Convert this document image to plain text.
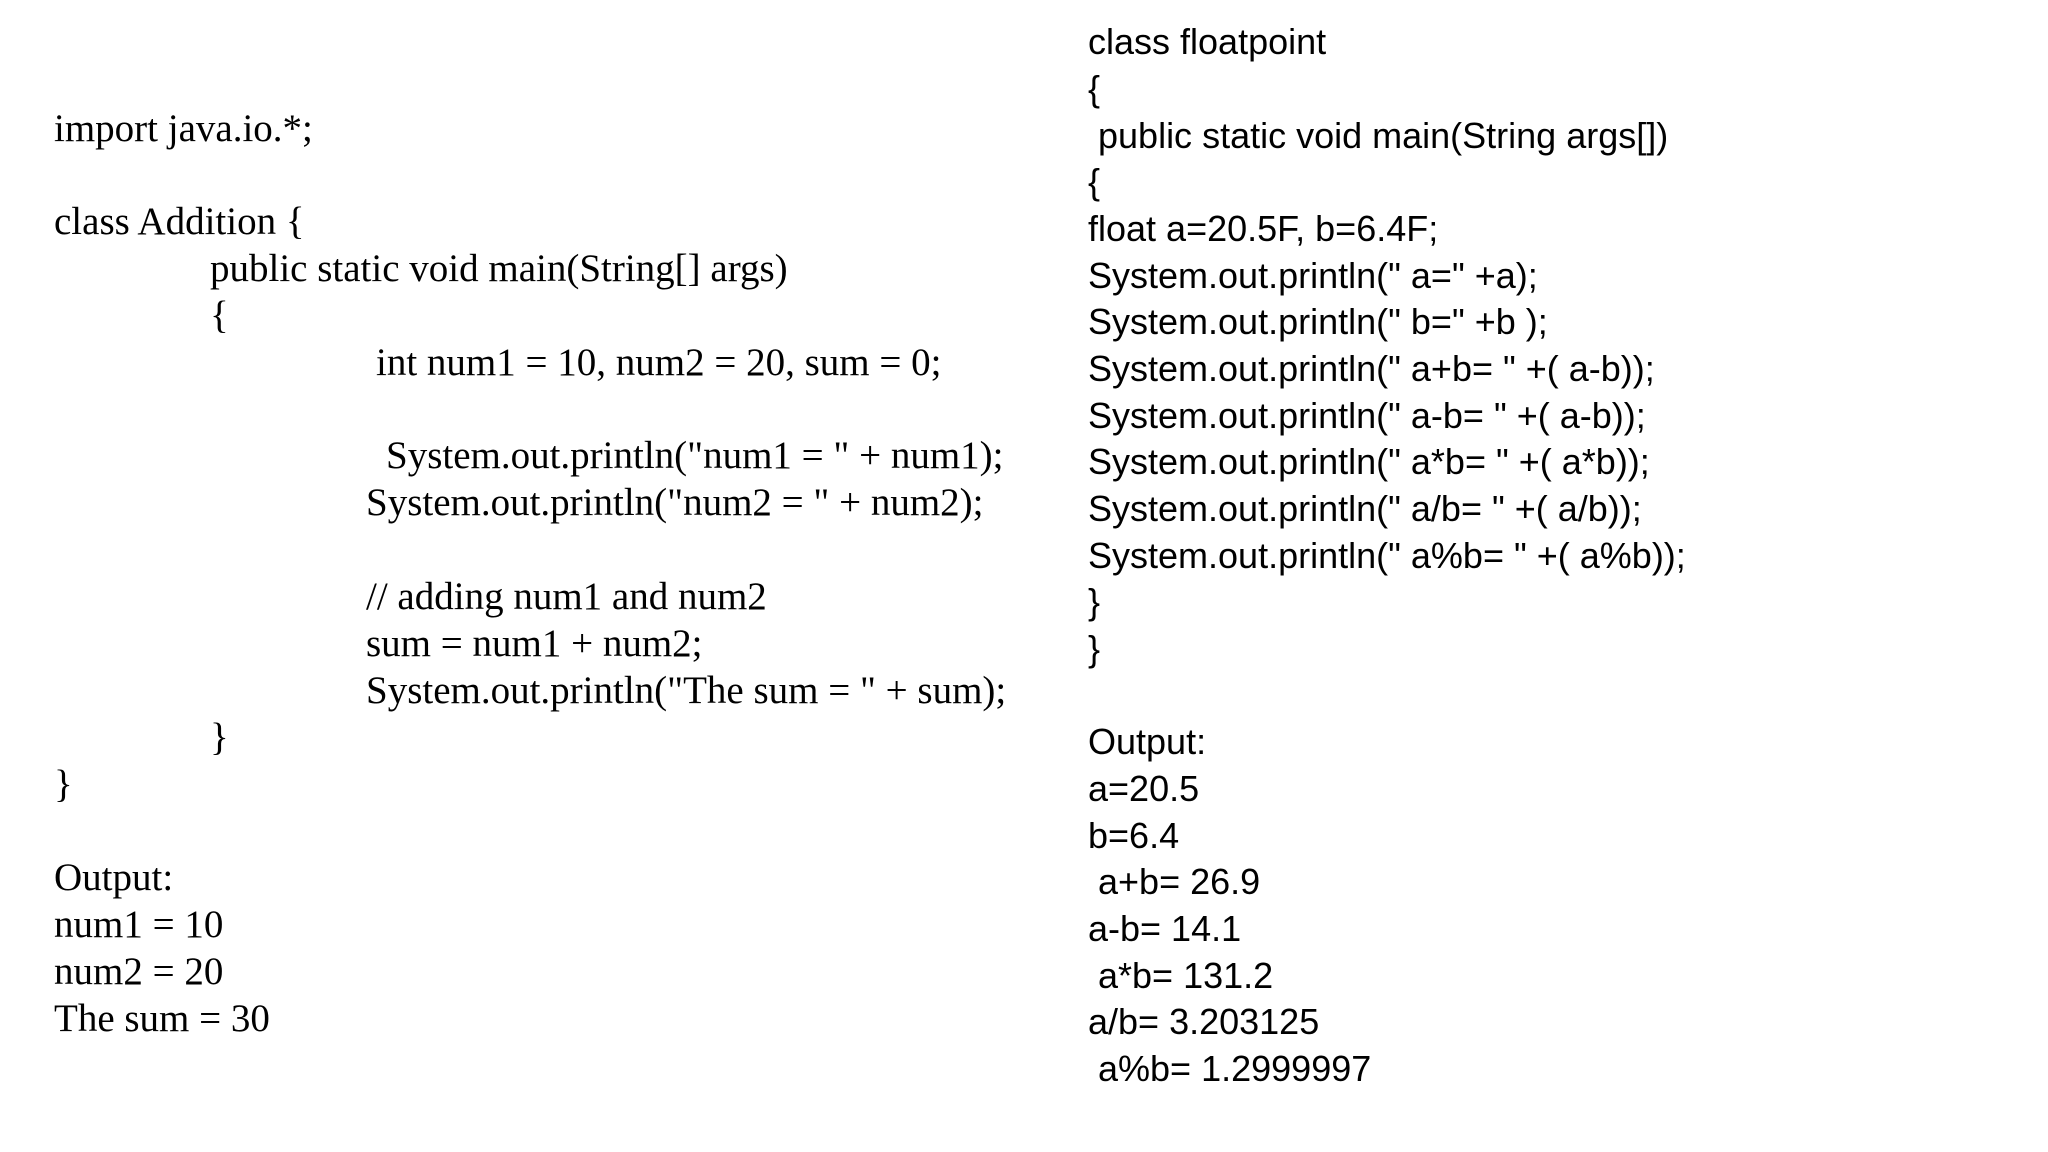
import java.io.*;
class Addition {
public static void main(String[] args)
{
int num1 = 10, num2 = 20, sum = 0;
System.out.println("num1 = " + num1);
System.out.println("num2 = " + num2);
// adding num1 and num2
sum = num1 + num2;
System.out.println("The sum = " + sum);
}
}
Output:
num1 = 10
num2 = 20
The sum = 30
class floatpoint
{
public static void main(String args[])
{
float a=20.5F, b=6.4F;
System.out.println(" a=" +a);
System.out.println(" b=" +b );
System.out.println(" a+b= " +( a-b));
System.out.println(" a-b= " +( a-b));
System.out.println(" a*b= " +( a*b));
System.out.println(" a/b= " +( a/b));
System.out.println(" a%b= " +( a%b));
}
}
Output:
a=20.5
b=6.4
a+b= 26.9
a-b= 14.1
a*b= 131.2
a/b= 3.203125
a%b= 1.2999997
